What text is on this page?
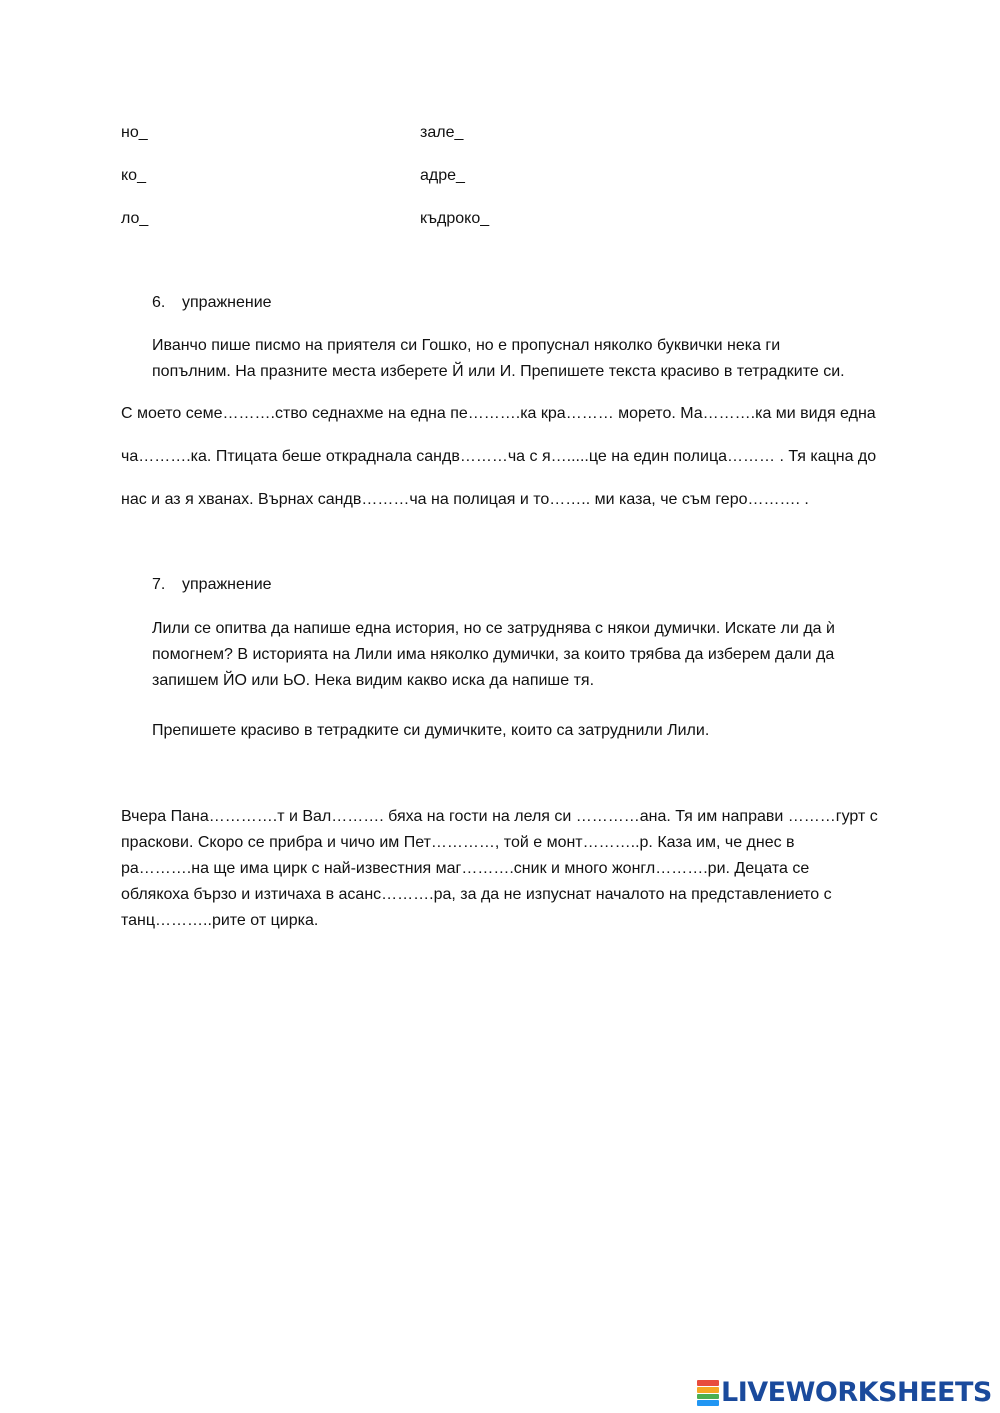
но_
ко_
ло_
зале_
адре_
къдроко_
6. упражнение
Иванчо пише писмо на приятеля си Гошко, но е пропуснал няколко буквички нека ги
попълним. На празните места изберете Й или И. Препишете текста красиво в тетрадките си.
С моето семе……….ство седнахме на една пе……….ка кра……… морето. Ма……….ка ми видя една
ча……….ка. Птицата беше откраднала сандв………ча с я….....це на един полица……… . Тя кацна до
нас и аз я хванах. Върнах сандв………ча на полицая и то…….. ми каза, че съм геро………. .
7. упражнение
Лили се опитва да напише една история, но се затруднява с някои думички. Искате ли да ѝ
помогнем? В историята на Лили има няколко думички, за които трябва да изберем дали да
запишем ЙО или ЬО. Нека видим какво иска да напише тя.
Препишете красиво в тетрадките си думичките, които са затруднили Лили.
Вчера Пана………….т и Вал………. бяха на гости на леля си …………ана. Тя им направи ………гурт с
праскови. Скоро се прибра и чичо им Пет…………, той е монт………..р. Каза им, че днес в
ра……….на ще има цирк с най-известния маг……….сник и много жонгл……….ри. Децата се
облякоха бързо и изтичаха в асанс……….ра, за да не изпуснат началото на представлението с
танц………..рите от цирка.
LIVEWORKSHEETS
